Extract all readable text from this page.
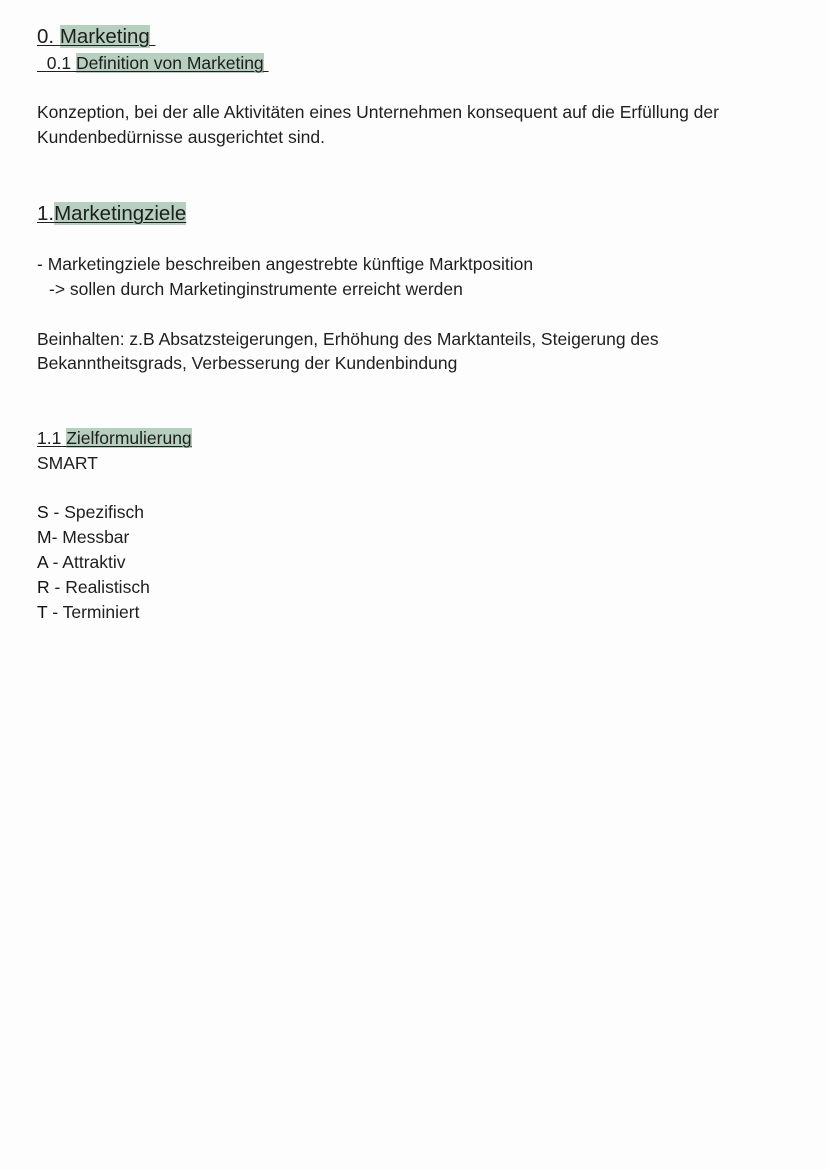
0. Marketing
0.1 Definition von Marketing
Konzeption, bei der alle Aktivitäten eines Unternehmen konsequent auf die Erfüllung der
Kundenbedürnisse ausgerichtet sind.
1.Marketingziele
- Marketingziele beschreiben angestrebte künftige Marktposition
-> sollen durch Marketinginstrumente erreicht werden
Beinhalten: z.B Absatzsteigerungen, Erhöhung des Marktanteils, Steigerung des
Bekanntheitsgrads, Verbesserung der Kundenbindung
1.1 Zielformulierung
SMART
S - Spezifisch
M- Messbar
A - Attraktiv
R - Realistisch
T - Terminiert
